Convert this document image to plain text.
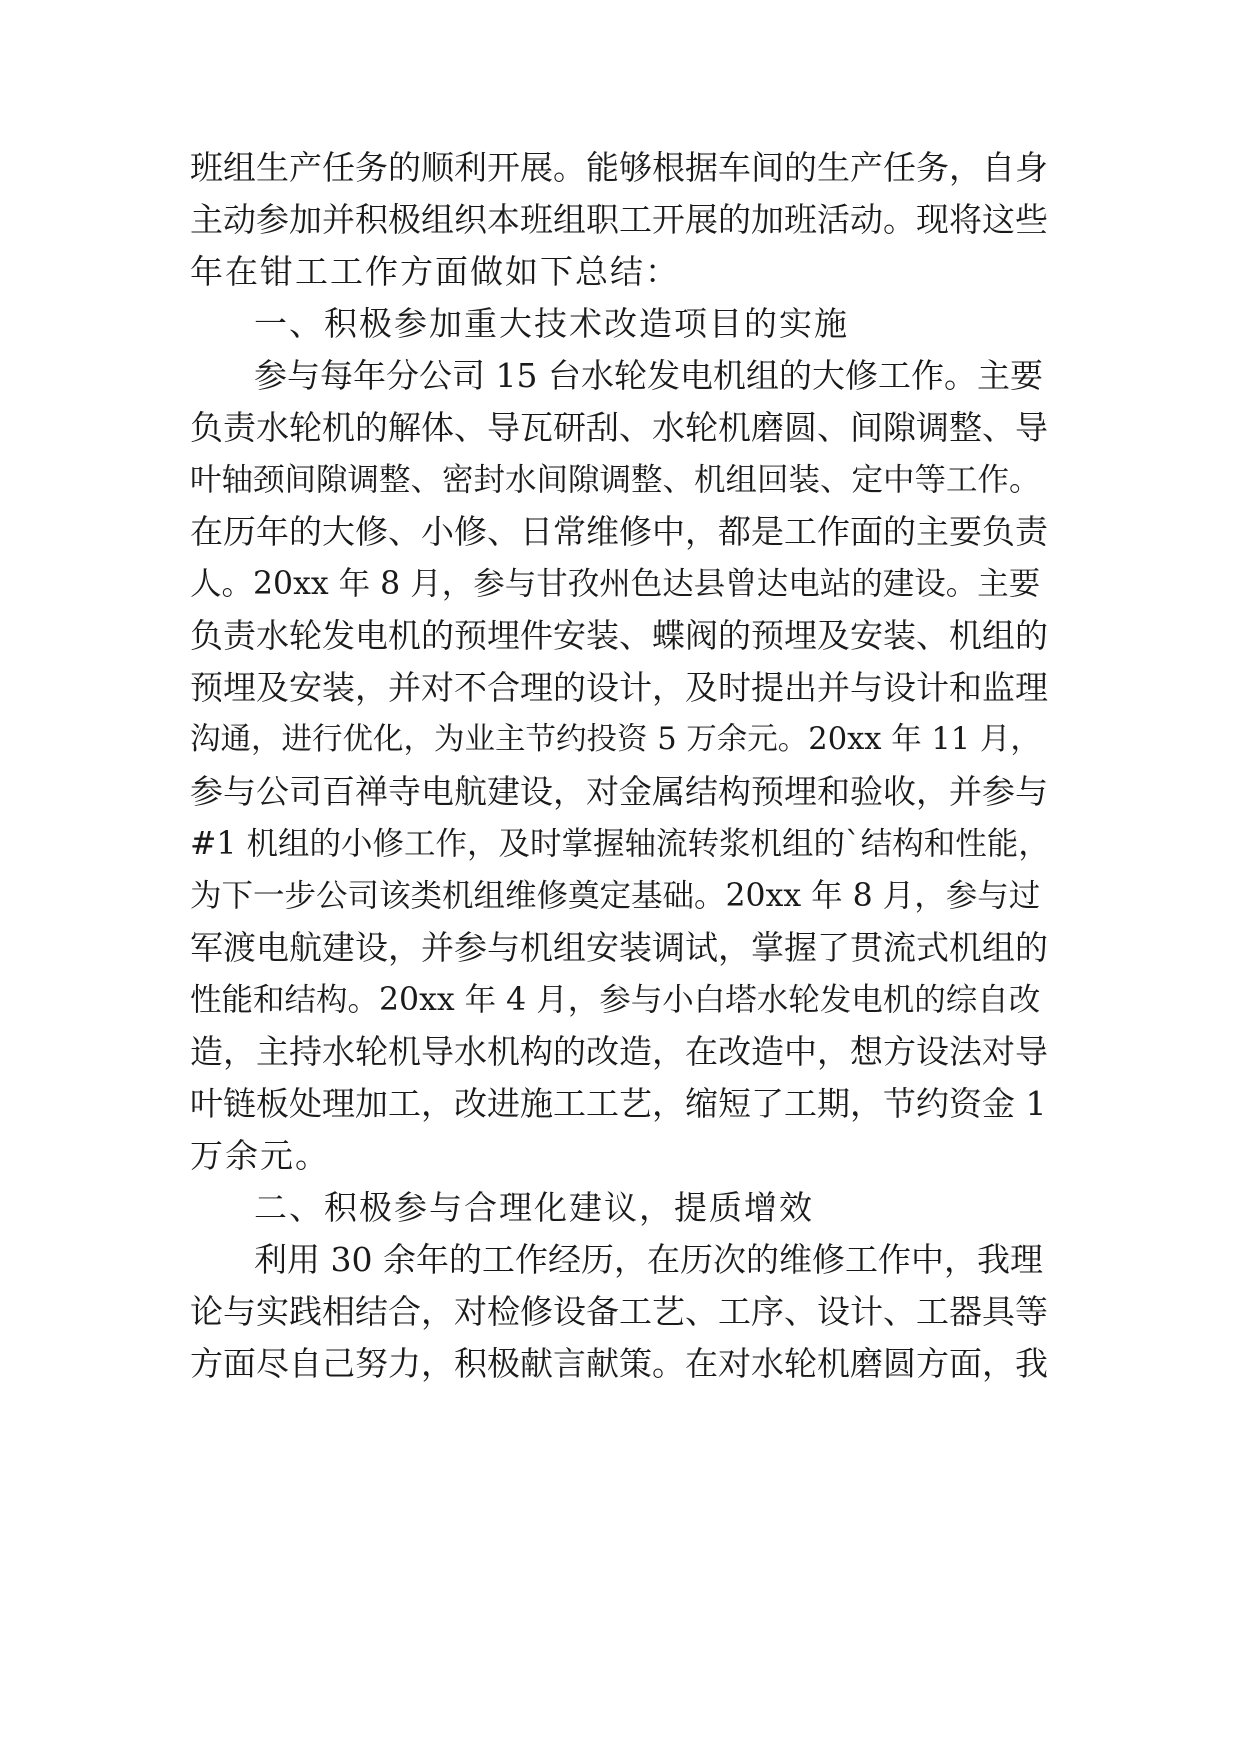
班组生产任务的顺利开展。能够根据车间的生产任务，自身
主动参加并积极组织本班组职工开展的加班活动。现将这些
年在钳工工作方面做如下总结：
一、积极参加重大技术改造项目的实施
参与每年分公司 15 台水轮发电机组的大修工作。主要
负责水轮机的解体、导瓦研刮、水轮机磨圆、间隙调整、导
叶轴颈间隙调整、密封水间隙调整、机组回装、定中等工作。
在历年的大修、小修、日常维修中，都是工作面的主要负责
人。20xx 年 8 月，参与甘孜州色达县曾达电站的建设。主要
负责水轮发电机的预埋件安装、蝶阀的预埋及安装、机组的
预埋及安装，并对不合理的设计，及时提出并与设计和监理
沟通，进行优化，为业主节约投资 5 万余元。20xx 年 11 月，
参与公司百禅寺电航建设，对金属结构预埋和验收，并参与
#1 机组的小修工作，及时掌握轴流转浆机组的`结构和性能，
为下一步公司该类机组维修奠定基础。20xx 年 8 月，参与过
军渡电航建设，并参与机组安装调试，掌握了贯流式机组的
性能和结构。20xx 年 4 月，参与小白塔水轮发电机的综自改
造，主持水轮机导水机构的改造，在改造中，想方设法对导
叶链板处理加工，改进施工工艺，缩短了工期，节约资金 1
万余元。
二、积极参与合理化建议，提质增效
利用 30 余年的工作经历，在历次的维修工作中，我理
论与实践相结合，对检修设备工艺、工序、设计、工器具等
方面尽自己努力，积极献言献策。在对水轮机磨圆方面，我
